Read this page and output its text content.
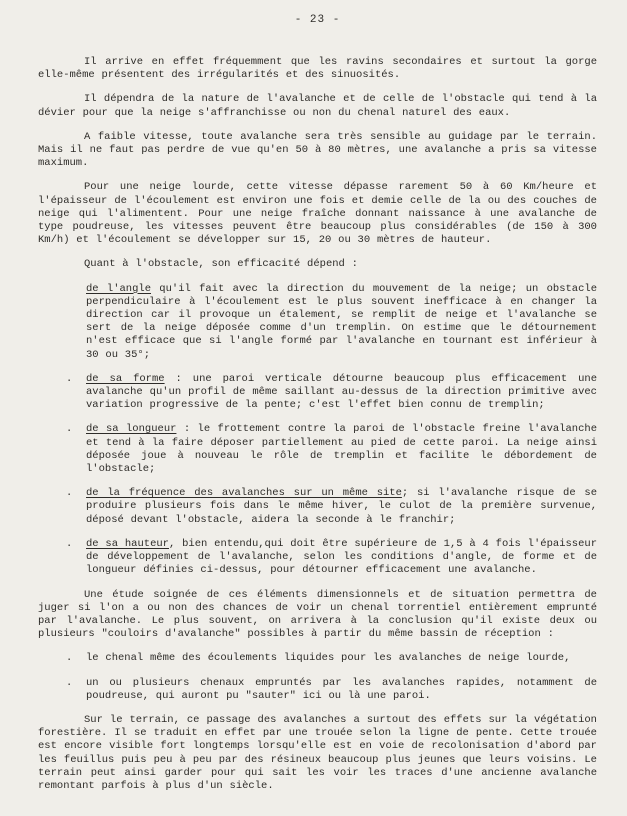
- 23 -

Il arrive en effet fréquemment que les ravins secondaires et surtout la gorge elle-même présentent des irrégularités et des sinuosités.

Il dépendra de la nature de l'avalanche et de celle de l'obstacle qui tend à la dévier pour que la neige s'affranchisse ou non du chenal naturel des eaux.

A faible vitesse, toute avalanche sera très sensible au guidage par le terrain. Mais il ne faut pas perdre de vue qu'en 50 à 80 mètres, une avalanche a pris sa vitesse maximum.

Pour une neige lourde, cette vitesse dépasse rarement 50 à 60 Km/heure et l'épaisseur de l'écoulement est environ une fois et demie celle de la ou des couches de neige qui l'alimentent. Pour une neige fraîche donnant naissance à une avalanche de type poudreuse, les vitesses peuvent être beaucoup plus considérables (de 150 à 300 Km/h) et l'écoulement se développer sur 15, 20 ou 30 mètres de hauteur.

Quant à l'obstacle, son efficacité dépend :

de l'angle qu'il fait avec la direction du mouvement de la neige; un obstacle perpendiculaire à l'écoulement est le plus souvent inefficace à en changer la direction car il provoque un étalement, se remplit de neige et l'avalanche se sert de la neige déposée comme d'un tremplin. On estime que le détournement n'est efficace que si l'angle formé par l'avalanche en tournant est inférieur à 30 ou 35°;

.	de sa forme : une paroi verticale détourne beaucoup plus efficacement une avalanche qu'un profil de même saillant au-dessus de la direction primitive avec variation progressive de la pente; c'est l'effet bien connu de tremplin;

.	de sa longueur : le frottement contre la paroi de l'obstacle freine l'avalanche et tend à la faire déposer partiellement au pied de cette paroi. La neige ainsi déposée joue à nouveau le rôle de tremplin et facilite le débordement de l'obstacle;

.	de la fréquence des avalanches sur un même site; si l'avalanche risque de se produire plusieurs fois dans le même hiver, le culot de la première survenue, déposé devant l'obstacle, aidera la seconde à le franchir;

.	de sa hauteur, bien entendu,qui doit être supérieure de 1,5 à 4 fois l'épaisseur de développement de l'avalanche, selon les conditions d'angle, de forme et de longueur définies ci-dessus, pour détourner efficacement une avalanche.

Une étude soignée de ces éléments dimensionnels et de situation permettra de juger si l'on a ou non des chances de voir un chenal torrentiel entièrement emprunté par l'avalanche. Le plus souvent, on arrivera à la conclusion qu'il existe deux ou plusieurs "couloirs d'avalanche" possibles à partir du même bassin de réception :

.	le chenal même des écoulements liquides pour les avalanches de neige lourde,

.	un ou plusieurs chenaux empruntés par les avalanches rapides, notamment de poudreuse, qui auront pu "sauter" ici ou là une paroi.

Sur le terrain, ce passage des avalanches a surtout des effets sur la végétation forestière. Il se traduit en effet par une trouée selon la ligne de pente. Cette trouée est encore visible fort longtemps lorsqu'elle est en voie de recolonisation d'abord par les feuillus puis peu à peu par des résineux beaucoup plus jeunes que leurs voisins. Le terrain peut ainsi garder pour qui sait les voir les traces d'une ancienne avalanche remontant parfois à plus d'un siècle.
